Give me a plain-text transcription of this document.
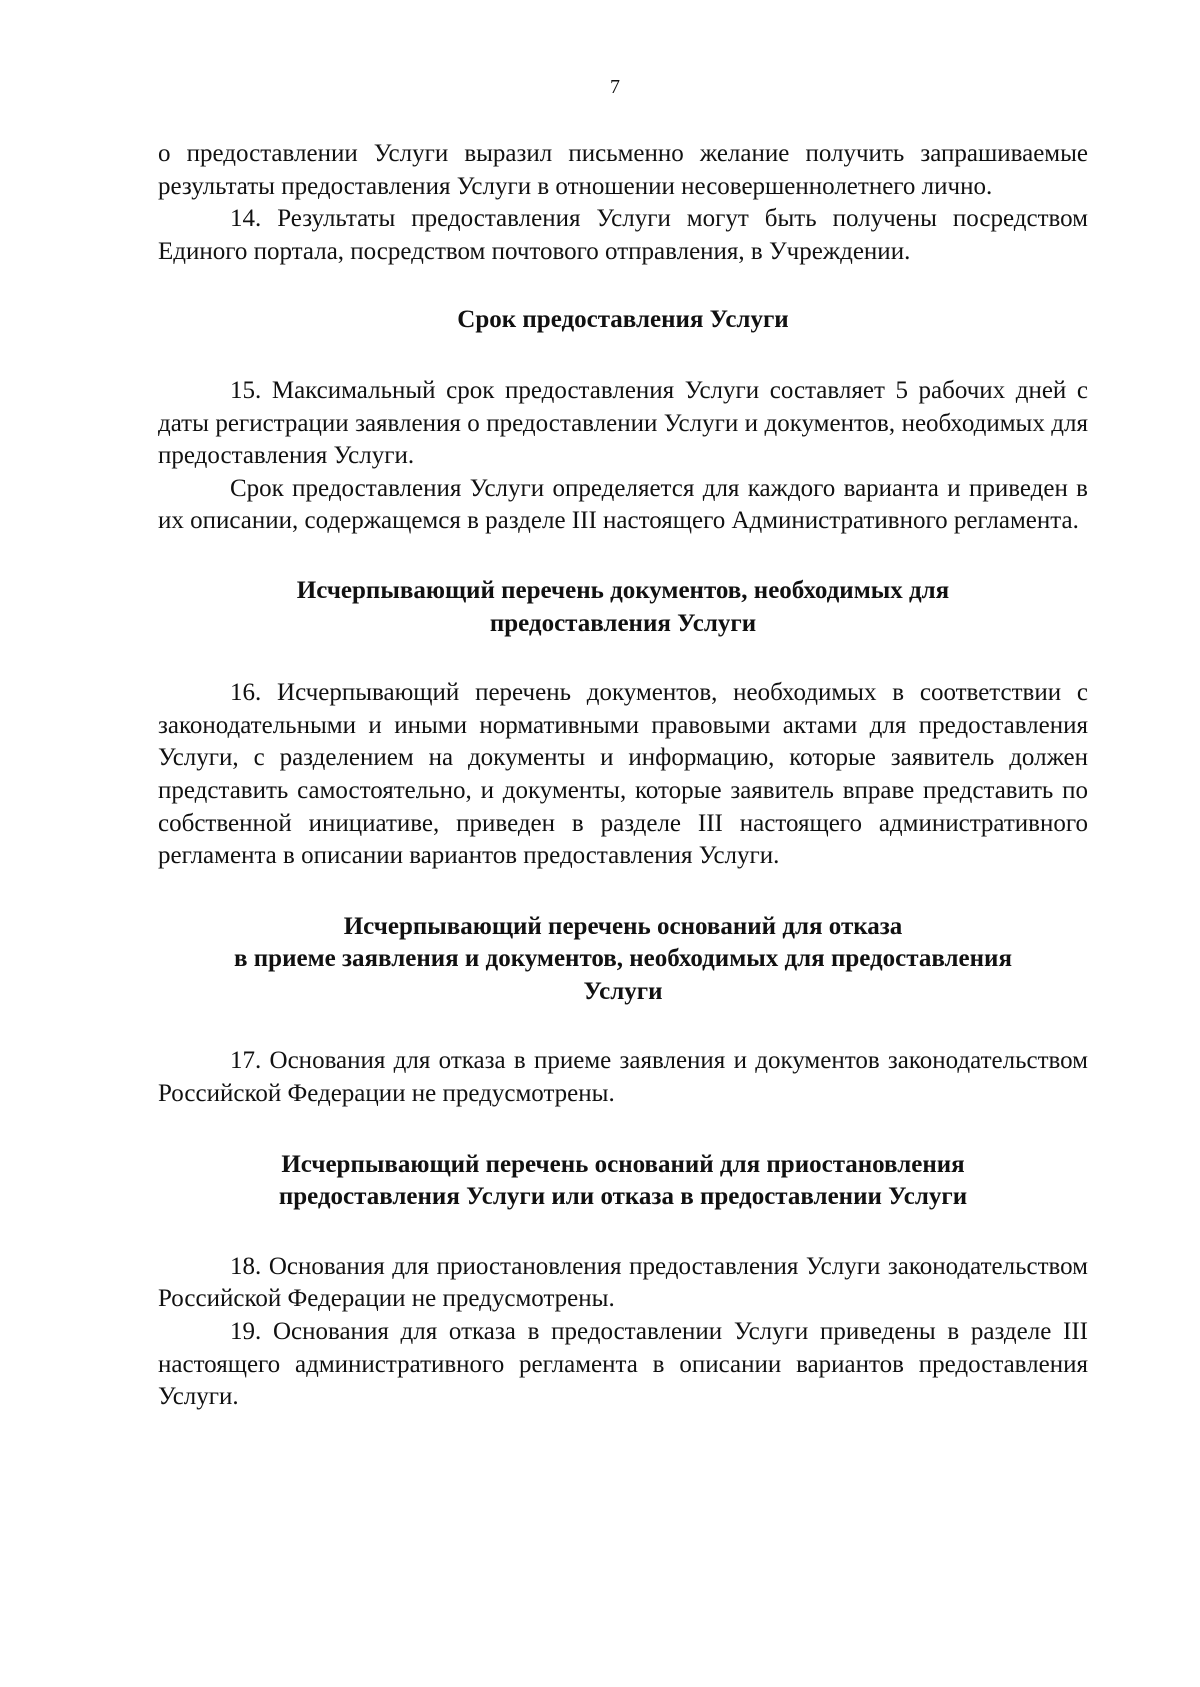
7

о предоставлении Услуги выразил письменно желание получить запрашиваемые результаты предоставления Услуги в отношении несовершеннолетнего лично.

14. Результаты предоставления Услуги могут быть получены посредством Единого портала, посредством почтового отправления, в Учреждении.

Срок предоставления Услуги

15. Максимальный срок предоставления Услуги составляет 5 рабочих дней с даты регистрации заявления о предоставлении Услуги и документов, необходимых для предоставления Услуги.

Срок предоставления Услуги определяется для каждого варианта и приведен в их описании, содержащемся в разделе III настоящего Административного регламента.

Исчерпывающий перечень документов, необходимых для
предоставления Услуги

16. Исчерпывающий перечень документов, необходимых в соответствии с законодательными и иными нормативными правовыми актами для предоставления Услуги, с разделением на документы и информацию, которые заявитель должен представить самостоятельно, и документы, которые заявитель вправе представить по собственной инициативе, приведен в разделе III настоящего административного регламента в описании вариантов предоставления Услуги.

Исчерпывающий перечень оснований для отказа
в приеме заявления и документов, необходимых для предоставления
Услуги

17. Основания для отказа в приеме заявления и документов законодательством Российской Федерации не предусмотрены.

Исчерпывающий перечень оснований для приостановления
предоставления Услуги или отказа в предоставлении Услуги

18. Основания для приостановления предоставления Услуги законодательством Российской Федерации не предусмотрены.

19. Основания для отказа в предоставлении Услуги приведены в разделе III настоящего административного регламента в описании вариантов предоставления Услуги.
